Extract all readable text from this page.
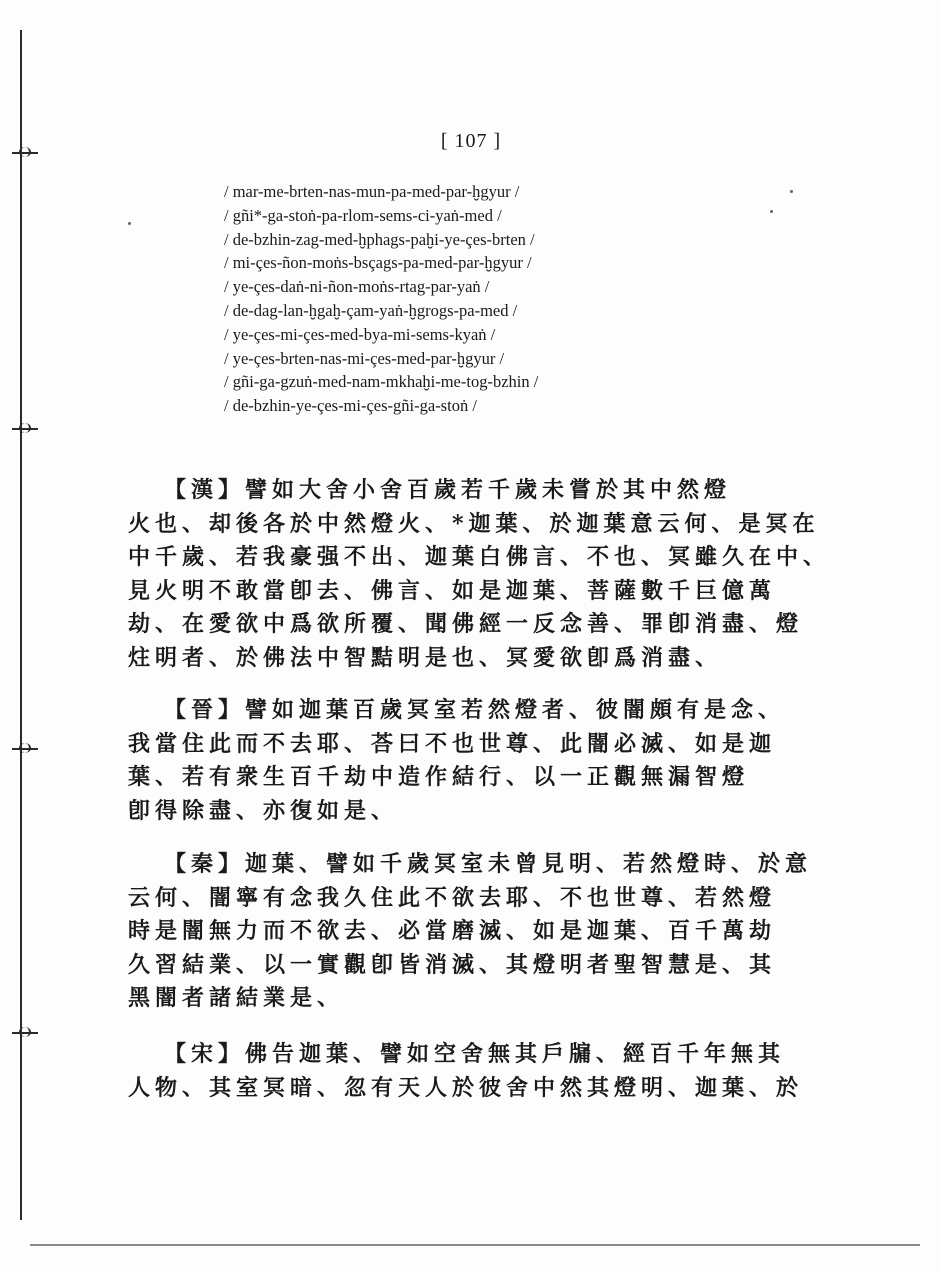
[ 107 ]
/ mar-me-brten-nas-mun-pa-med-par-ḫgyur /
/ gñi*-ga-stoṅ-pa-rlom-sems-ci-yaṅ-med /
/ de-bzhin-zag-med-ḫphags-paḫi-ye-çes-brten /
/ mi-çes-ñon-moṅs-bsçags-pa-med-par-ḫgyur /
/ ye-çes-daṅ-ni-ñon-moṅs-rtag-par-yaṅ /
/ de-dag-lan-ḫgaḫ-çam-yaṅ-ḫgrogs-pa-med /
/ ye-çes-mi-çes-med-bya-mi-sems-kyaṅ /
/ ye-çes-brten-nas-mi-çes-med-par-ḫgyur /
/ gñi-ga-gzuṅ-med-nam-mkhaḫi-me-tog-bzhin /
/ de-bzhin-ye-çes-mi-çes-gñi-ga-stoṅ /
【漢】譬如大舍小舍百歲若千歲未嘗於其中然燈
火也、却後各於中然燈火、*迦葉、於迦葉意云何、是冥在
中千歲、若我豪强不出、迦葉白佛言、不也、冥雖久在中、
見火明不敢當卽去、佛言、如是迦葉、菩薩數千巨億萬
劫、在愛欲中爲欲所覆、聞佛經一反念善、罪卽消盡、燈
炷明者、於佛法中智黠明是也、冥愛欲卽爲消盡、
【晉】譬如迦葉百歲冥室若然燈者、彼闇頗有是念、
我當住此而不去耶、荅曰不也世尊、此闇必滅、如是迦
葉、若有衆生百千劫中造作結行、以一正觀無漏智燈
卽得除盡、亦復如是、
【秦】迦葉、譬如千歲冥室未曾見明、若然燈時、於意
云何、闇寧有念我久住此不欲去耶、不也世尊、若然燈
時是闇無力而不欲去、必當磨滅、如是迦葉、百千萬劫
久習結業、以一實觀卽皆消滅、其燈明者聖智慧是、其
黑闇者諸結業是、
【宋】佛告迦葉、譬如空舍無其戶牖、經百千年無其
人物、其室冥暗、忽有天人於彼舍中然其燈明、迦葉、於
